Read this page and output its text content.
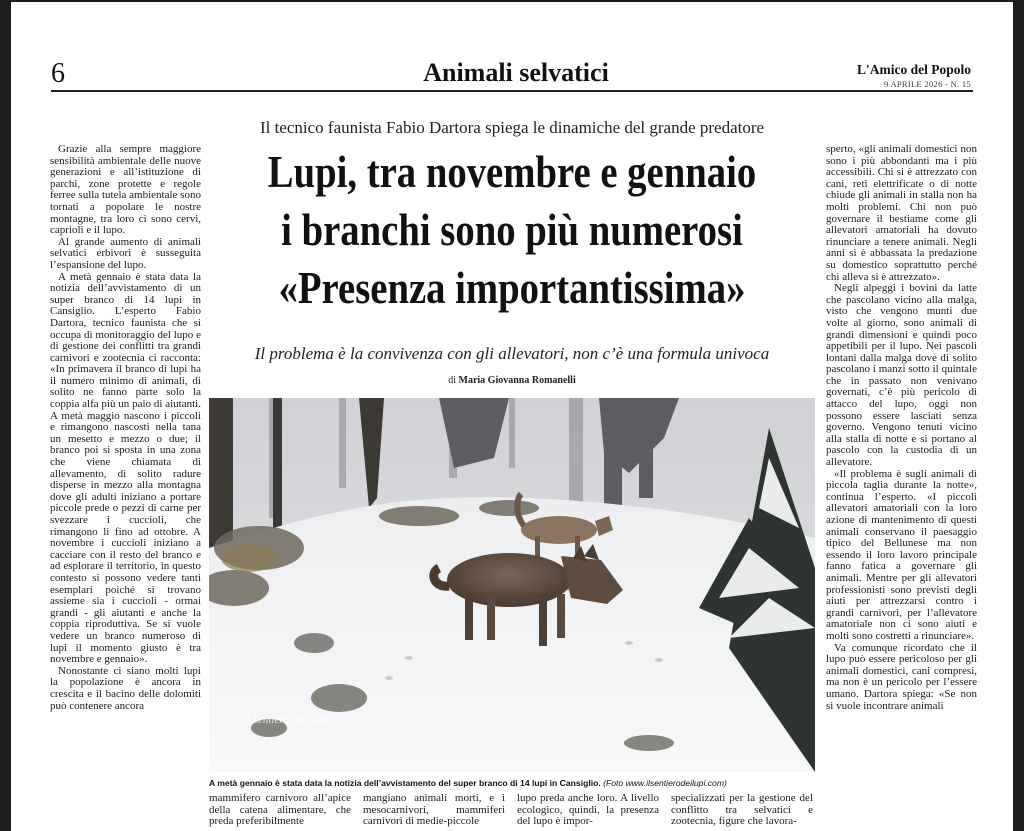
6	Animali selvatici	L'Amico del Popolo
9 APRILE 2026 - N. 15
Il tecnico faunista Fabio Dartora spiega le dinamiche del grande predatore
Lupi, tra novembre e gennaio
i branchi sono più numerosi
«Presenza importantissima»
Il problema è la convivenza con gli allevatori, non c’è una formula univoca
di Maria Giovanna Romanelli

Grazie alla sempre maggiore sensibilità ambientale delle nuove generazioni e all’istituzione di parchi, zone protette e regole ferree sulla tutela ambientale sono tornati a popolare le nostre montagne, tra loro ci sono cervi, caprioli e il lupo.

Al grande aumento di animali selvatici erbivori è susseguita l’espansione del lupo.

A metà gennaio è stata data la notizia dell’avvistamento di un super branco di 14 lupi in Cansiglio. L’esperto Fabio Dartora, tecnico faunista che si occupa di monitoraggio del lupo e di gestione dei conflitti tra grandi carnivori e zootecnia ci racconta: «In primavera il branco di lupi ha il numero minimo di animali, di solito ne fanno parte solo la coppia alfa più un paio di aiutanti. A metà maggio nascono i piccoli e rimangono nascosti nella tana un mesetto e mezzo o due; il branco poi si sposta in una zona che viene chiamata di allevamento, di solito radure disperse in mezzo alla montagna dove gli adulti iniziano a portare piccole prede o pezzi di carne per svezzare i cuccioli, che rimangono lì fino ad ottobre. A novembre i cuccioli iniziano a cacciare con il resto del branco e ad esplorare il territorio, in questo contesto si possono vedere tanti esemplari poiché si trovano assieme sia i cuccioli - ormai grandi - gli aiutanti e anche la coppia riproduttiva. Se si vuole vedere un branco numeroso di lupi il momento giusto è tra novembre e gennaio».

Nonostante ci siano molti lupi la popolazione è ancora in crescita e il bacino delle dolomiti può contenere ancora

sperto, «gli animali domestici non sono i più abbondanti ma i più accessibili. Chi si è attrezzato con cani, reti elettrificate o di notte chiude gli animali in stalla non ha molti problemi. Chi non può governare il bestiame come gli allevatori amatoriali ha dovuto rinunciare a tenere animali. Negli anni si è abbassata la predazione su domestico soprattutto perché chi alleva si è attrezzato».

Negli alpeggi i bovini da latte che pascolano vicino alla malga, visto che vengono munti due volte al giorno, sono animali di grandi dimensioni e quindi poco appetibili per il lupo. Nei pascoli lontani dalla malga dove di solito pascolano i manzi sotto il quintale che in passato non venivano governati, c’è più pericolo di attacco del lupo, oggi non possono essere lasciati senza governo. Vengono tenuti vicino alla stalla di notte e si portano al pascolo con la custodia di un allevatore.

«Il problema è sugli animali di piccola taglia durante la notte», continua l’esperto. «I piccoli allevatori amatoriali con la loro azione di mantenimento di questi animali conservano il paesaggio tipico del Bellunese ma non essendo il loro lavoro principale fanno fatica a governare gli animali. Mentre per gli allevatori professionisti sono previsti degli aiuti per attrezzarsi contro i grandi carnivori, per l’allevatore amatoriale non ci sono aiuti e molti sono costretti a rinunciare».

Va comunque ricordato che il lupo può essere pericoloso per gli animali domestici, cani compresi, ma non è un pericolo per l’essere umano. Dartora spiega: «Se non si vuole incontrare animali

Il Sentiero dei Lupi
A metà gennaio è stata data la notizia dell’avvistamento del super branco di 14 lupi in Cansiglio. (Foto www.ilsentierodeilupi.com)
mammifero carnivoro all’apice della catena alimentare, che preda preferibilmente
mangiano animali morti, e i mesocarnivori, mammiferi carnivori di medie-piccole
lupo preda anche loro. A livello ecologico, quindi, la presenza del lupo è impor-
specializzati per la gestione del conflitto tra selvatici e zootecnia, figure che lavora-
